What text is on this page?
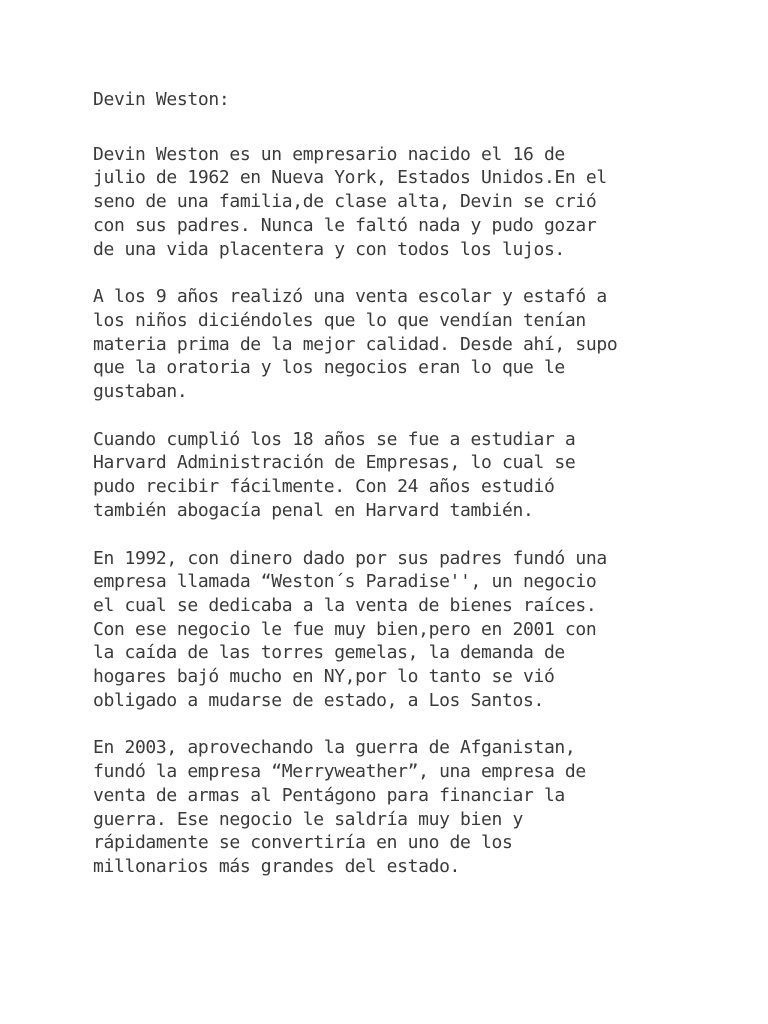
Devin Weston:
Devin Weston es un empresario nacido el 16 de
julio de 1962 en Nueva York, Estados Unidos.En el
seno de una familia,de clase alta, Devin se crió
con sus padres. Nunca le faltó nada y pudo gozar
de una vida placentera y con todos los lujos.
A los 9 años realizó una venta escolar y estafó a
los niños diciéndoles que lo que vendían tenían
materia prima de la mejor calidad. Desde ahí, supo
que la oratoria y los negocios eran lo que le
gustaban.
Cuando cumplió los 18 años se fue a estudiar a
Harvard Administración de Empresas, lo cual se
pudo recibir fácilmente. Con 24 años estudió
también abogacía penal en Harvard también.
En 1992, con dinero dado por sus padres fundó una
empresa llamada “Weston´s Paradise'', un negocio
el cual se dedicaba a la venta de bienes raíces.
Con ese negocio le fue muy bien,pero en 2001 con
la caída de las torres gemelas, la demanda de
hogares bajó mucho en NY,por lo tanto se vió
obligado a mudarse de estado, a Los Santos.
En 2003, aprovechando la guerra de Afganistan,
fundó la empresa “Merryweather”, una empresa de
venta de armas al Pentágono para financiar la
guerra. Ese negocio le saldría muy bien y
rápidamente se convertiría en uno de los
millonarios más grandes del estado.
